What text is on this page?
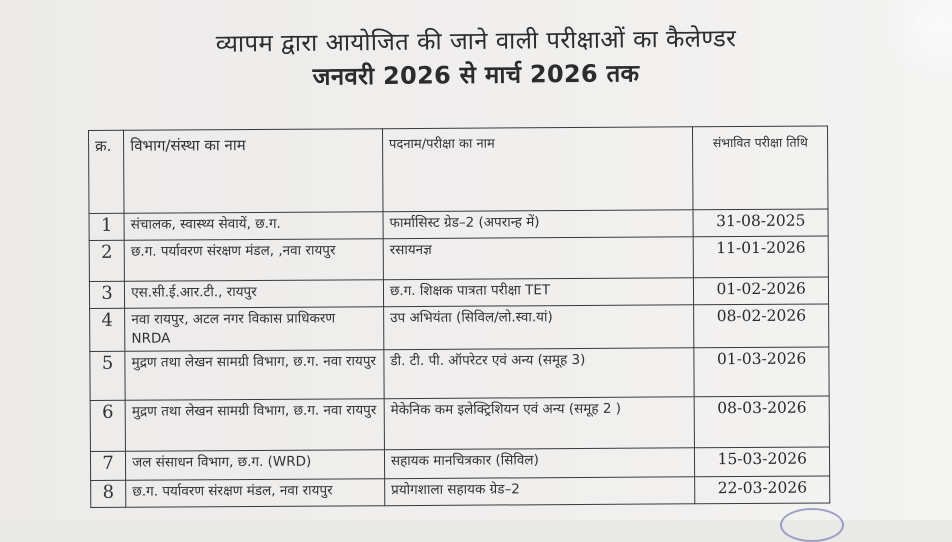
व्यापम द्वारा आयोजित की जाने वाली परीक्षाओं का कैलेण्डर
जनवरी 2026 से मार्च 2026 तक
क्र.	विभाग/संस्था का नाम	पदनाम/परीक्षा का नाम	संभावित परीक्षा तिथि
1	संचालक, स्वास्थ्य सेवायें, छ.ग.	फार्मासिस्ट ग्रेड–2 (अपरान्ह में)	31-08-2025
2	छ.ग. पर्यावरण संरक्षण मंडल, ,नवा रायपुर	रसायनज्ञ	11-01-2026
3	एस.सी.ई.आर.टी., रायपुर	छ.ग. शिक्षक पात्रता परीक्षा TET	01-02-2026
4	नवा रायपुर, अटल नगर विकास प्राधिकरण NRDA	उप अभियंता (सिविल/लो.स्वा.यां)	08-02-2026
5	मुद्रण तथा लेखन सामग्री विभाग, छ.ग. नवा रायपुर	डी. टी. पी. ऑपरेटर एवं अन्य (समूह 3)	01-03-2026
6	मुद्रण तथा लेखन सामग्री विभाग, छ.ग. नवा रायपुर	मेकेनिक कम इलेक्ट्रिशियन एवं अन्य (समूह 2 )	08-03-2026
7	जल संसाधन विभाग, छ.ग. (WRD)	सहायक मानचित्रकार (सिविल)	15-03-2026
8	छ.ग. पर्यावरण संरक्षण मंडल, नवा रायपुर	प्रयोगशाला सहायक ग्रेड–2	22-03-2026
